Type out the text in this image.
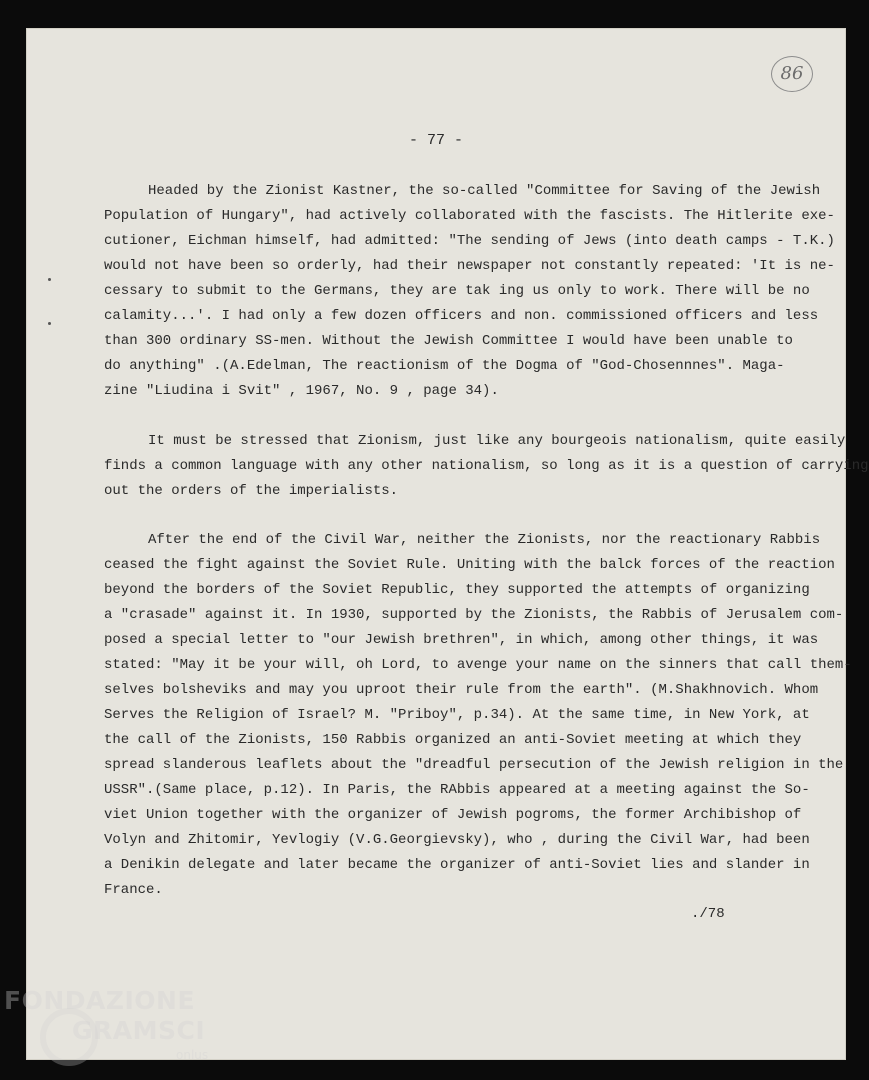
86
- 77 -
Headed by the Zionist Kastner, the so-called "Committee for Saving of the Jewish
Population of Hungary", had actively collaborated with the fascists. The Hitlerite exe-
cutioner, Eichman himself, had admitted: "The sending of Jews (into death camps - T.K.)
would not have been so orderly, had their newspaper not constantly repeated: 'It is ne-
cessary to submit to the Germans, they are tak ing us only to work. There will be no
calamity...'. I had only a few dozen officers and non. commissioned officers and less
than 300 ordinary SS-men. Without the Jewish Committee I would have been unable to
do anything" .(A.Edelman, The reactionism of the Dogma of "God-Chosennnes". Maga-
zine "Liudina i Svit" , 1967, No. 9 , page 34).
It must be stressed that Zionism, just like any bourgeois nationalism, quite easily
finds a common language with any other nationalism, so long as it is a question of carrying
out the orders of the imperialists.
After the end of the Civil War, neither the Zionists, nor the reactionary Rabbis
ceased the fight against the Soviet Rule. Uniting with the balck forces of the reaction
beyond the borders of the Soviet Republic, they supported the attempts of organizing
a "crasade" against it. In 1930, supported by the Zionists, the Rabbis of Jerusalem com-
posed a special letter to "our Jewish brethren", in which, among other things, it was
stated: "May it be your will, oh Lord, to avenge your name on the sinners that call them-
selves bolsheviks and may you uproot their rule from the earth". (M.Shakhnovich. Whom
Serves the Religion of Israel? M. "Priboy", p.34). At the same time, in New York, at
the call of the Zionists, 150 Rabbis organized an anti-Soviet meeting at which they
spread slanderous leaflets about the "dreadful persecution of the Jewish religion in the
USSR".(Same place, p.12). In Paris, the RAbbis appeared at a meeting against the So-
viet Union together with the organizer of Jewish pogroms, the former Archibishop of
Volyn and Zhitomir, Yevlogiy (V.G.Georgievsky), who , during the Civil War, had been
a Denikin delegate and later became the organizer of anti-Soviet lies and slander in
France.
./78
FONDAZIONE
GRAMSCI
onlus
